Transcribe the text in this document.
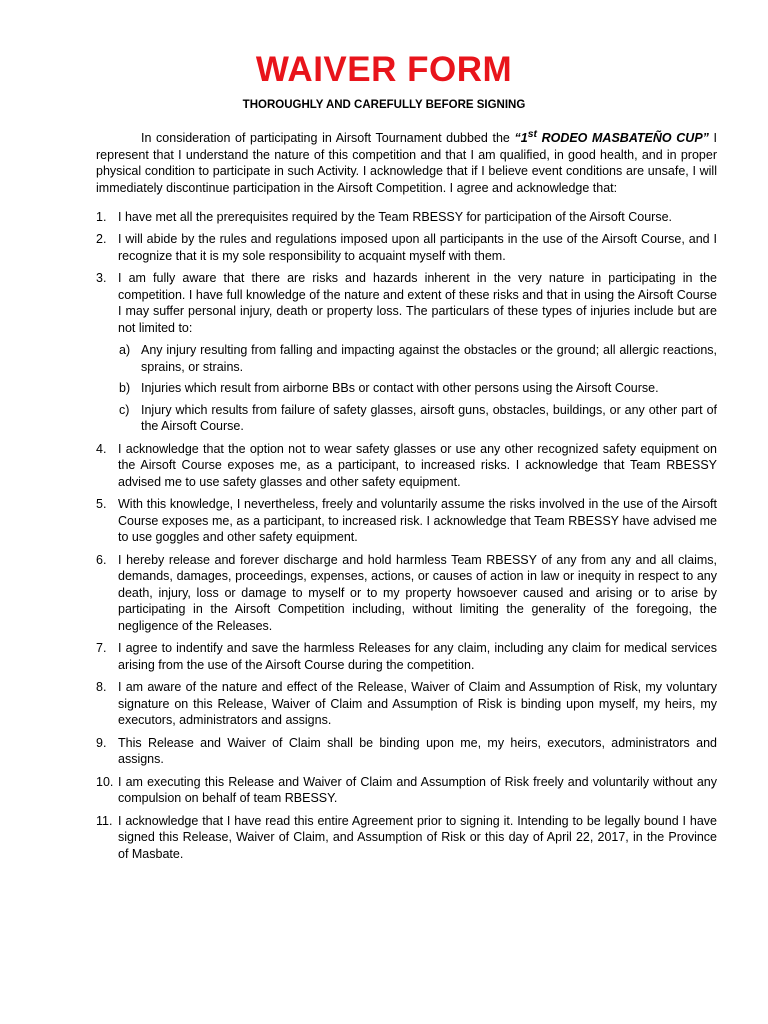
WAIVER FORM
THOROUGHLY AND CAREFULLY BEFORE SIGNING

In consideration of participating in Airsoft Tournament dubbed the “1st RODEO MASBATEÑO CUP” I represent that I understand the nature of this competition and that I am qualified, in good health, and in proper physical condition to participate in such Activity. I acknowledge that if I believe event conditions are unsafe, I will immediately discontinue participation in the Airsoft Competition. I agree and acknowledge that:

1. I have met all the prerequisites required by the Team RBESSY for participation of the Airsoft Course.
2. I will abide by the rules and regulations imposed upon all participants in the use of the Airsoft Course, and I recognize that it is my sole responsibility to acquaint myself with them.
3. I am fully aware that there are risks and hazards inherent in the very nature in participating in the competition. I have full knowledge of the nature and extent of these risks and that in using the Airsoft Course I may suffer personal injury, death or property loss. The particulars of these types of injuries include but are not limited to:
a) Any injury resulting from falling and impacting against the obstacles or the ground; all allergic reactions, sprains, or strains.
b) Injuries which result from airborne BBs or contact with other persons using the Airsoft Course.
c) Injury which results from failure of safety glasses, airsoft guns, obstacles, buildings, or any other part of the Airsoft Course.
4. I acknowledge that the option not to wear safety glasses or use any other recognized safety equipment on the Airsoft Course exposes me, as a participant, to increased risks. I acknowledge that Team RBESSY advised me to use safety glasses and other safety equipment.
5. With this knowledge, I nevertheless, freely and voluntarily assume the risks involved in the use of the Airsoft Course exposes me, as a participant, to increased risk. I acknowledge that Team RBESSY have advised me to use goggles and other safety equipment.
6. I hereby release and forever discharge and hold harmless Team RBESSY of any from any and all claims, demands, damages, proceedings, expenses, actions, or causes of action in law or inequity in respect to any death, injury, loss or damage to myself or to my property howsoever caused and arising or to arise by participating in the Airsoft Competition including, without limiting the generality of the foregoing, the negligence of the Releases.
7. I agree to indentify and save the harmless Releases for any claim, including any claim for medical services arising from the use of the Airsoft Course during the competition.
8. I am aware of the nature and effect of the Release, Waiver of Claim and Assumption of Risk, my voluntary signature on this Release, Waiver of Claim and Assumption of Risk is binding upon myself, my heirs, my executors, administrators and assigns.
9. This Release and Waiver of Claim shall be binding upon me, my heirs, executors, administrators and assigns.
10. I am executing this Release and Waiver of Claim and Assumption of Risk freely and voluntarily without any compulsion on behalf of team RBESSY.
11. I acknowledge that I have read this entire Agreement prior to signing it. Intending to be legally bound I have signed this Release, Waiver of Claim, and Assumption of Risk or this day of April 22, 2017, in the Province of Masbate.
